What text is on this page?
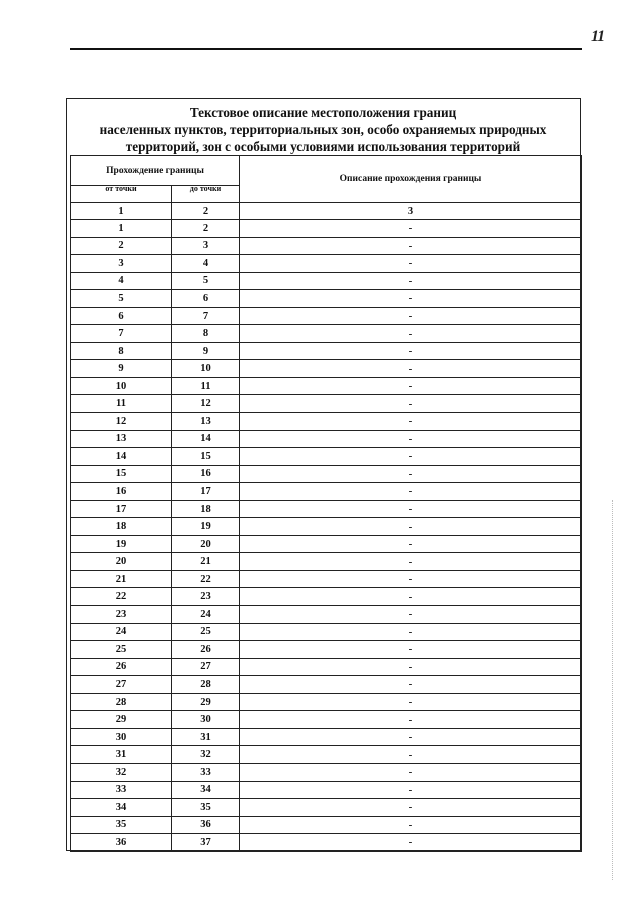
11
Текстовое описание местоположения границ
населенных пунктов, территориальных зон, особо охраняемых природных
территорий, зон с особыми условиями использования территорий
Прохождение границы		Описание прохождения границы
от точки	до точки	
1	2	3
1	2	-
2	3	-
3	4	-
4	5	-
5	6	-
6	7	-
7	8	-
8	9	-
9	10	-
10	11	-
11	12	-
12	13	-
13	14	-
14	15	-
15	16	-
16	17	-
17	18	-
18	19	-
19	20	-
20	21	-
21	22	-
22	23	-
23	24	-
24	25	-
25	26	-
26	27	-
27	28	-
28	29	-
29	30	-
30	31	-
31	32	-
32	33	-
33	34	-
34	35	-
35	36	-
36	37	-
